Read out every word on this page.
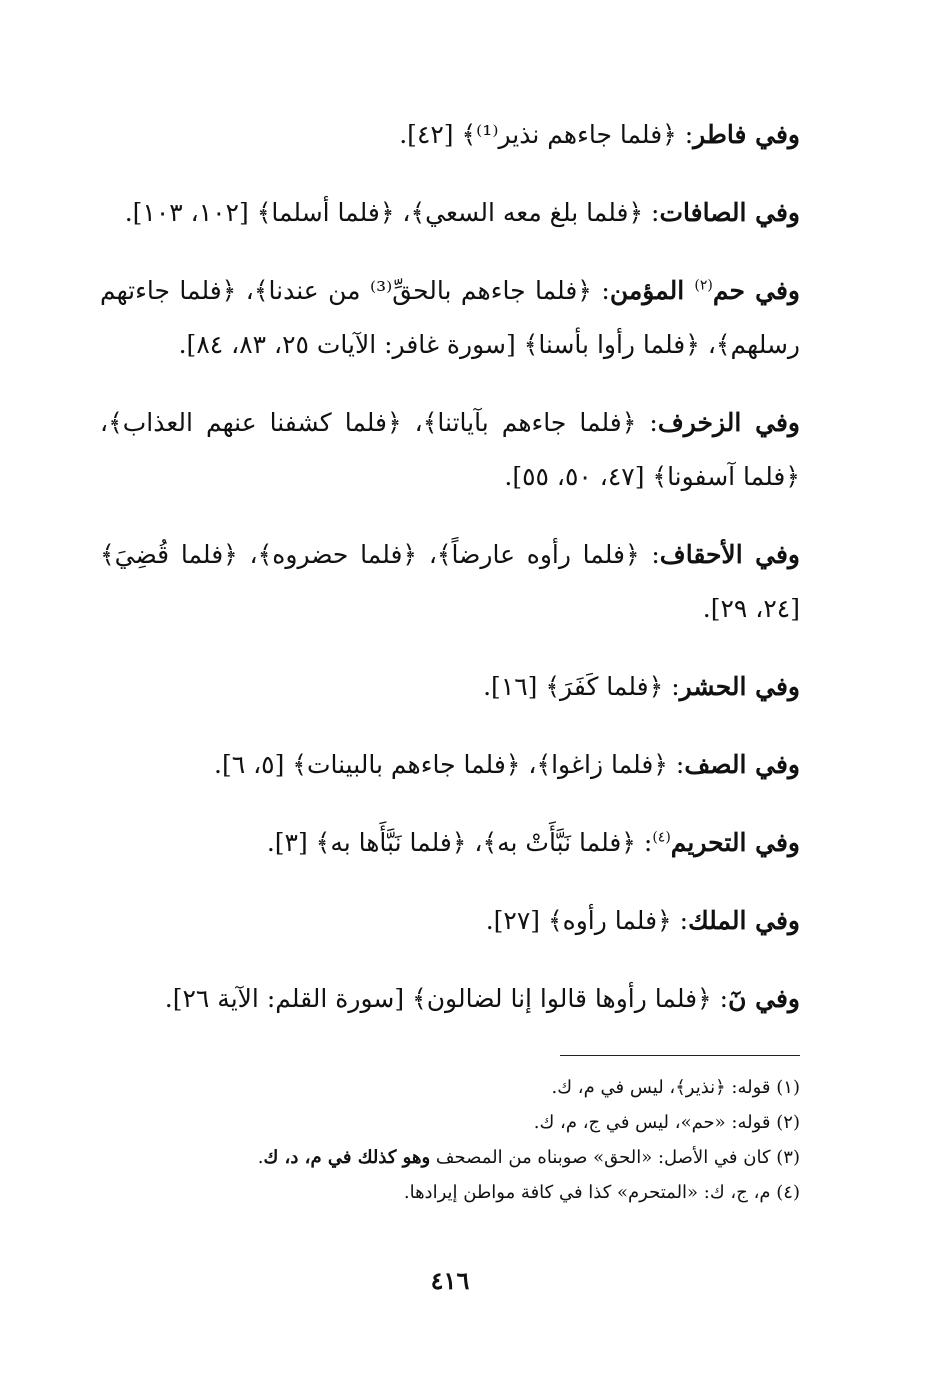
وفي فاطر: ﴿فلما جاءهم نذير⁽¹⁾﴾ [٤٢].

وفي الصافات: ﴿فلما بلغ معه السعي﴾، ﴿فلما أسلما﴾ [١٠٢، ١٠٣].

وفي حم$^{(٢)}$ المؤمن: ﴿فلما جاءهم بالحقِّ⁽³⁾ من عندنا﴾، ﴿فلما جاءتهم رسلهم﴾، ﴿فلما رأوا بأسنا﴾ [سورة غافر: الآيات ٢٥، ٨٣، ٨٤].

وفي الزخرف: ﴿فلما جاءهم بآياتنا﴾، ﴿فلما كشفنا عنهم العذاب﴾، ﴿فلما آسفونا﴾ [٤٧، ٥٠، ٥٥].

وفي الأحقاف: ﴿فلما رأوه عارضاً﴾، ﴿فلما حضروه﴾، ﴿فلما قُضِيَ﴾ [٢٤، ٢٩].

وفي الحشر: ﴿فلما كَفَرَ﴾ [١٦].

وفي الصف: ﴿فلما زاغوا﴾، ﴿فلما جاءهم بالبينات﴾ [٥، ٦].

وفي التحريم$^{(٤)}$: ﴿فلما نَبَّأَتْ به﴾، ﴿فلما نَبَّأَها به﴾ [٣].

وفي الملك: ﴿فلما رأوه﴾ [٢٧].

وفي نٓ: ﴿فلما رأوها قالوا إنا لضالون﴾ [سورة القلم: الآية ٢٦].

(١) قوله: ﴿نذير﴾، ليس في م، ك.

(٢) قوله: «حم»، ليس في ج، م، ك.

(٣) كان في الأصل: «الحق» صوبناه من المصحف وهو كذلك في م، د، ك.

(٤) م، ج، ك: «المتحرم» كذا في كافة مواطن إيرادها.

٤١٦
